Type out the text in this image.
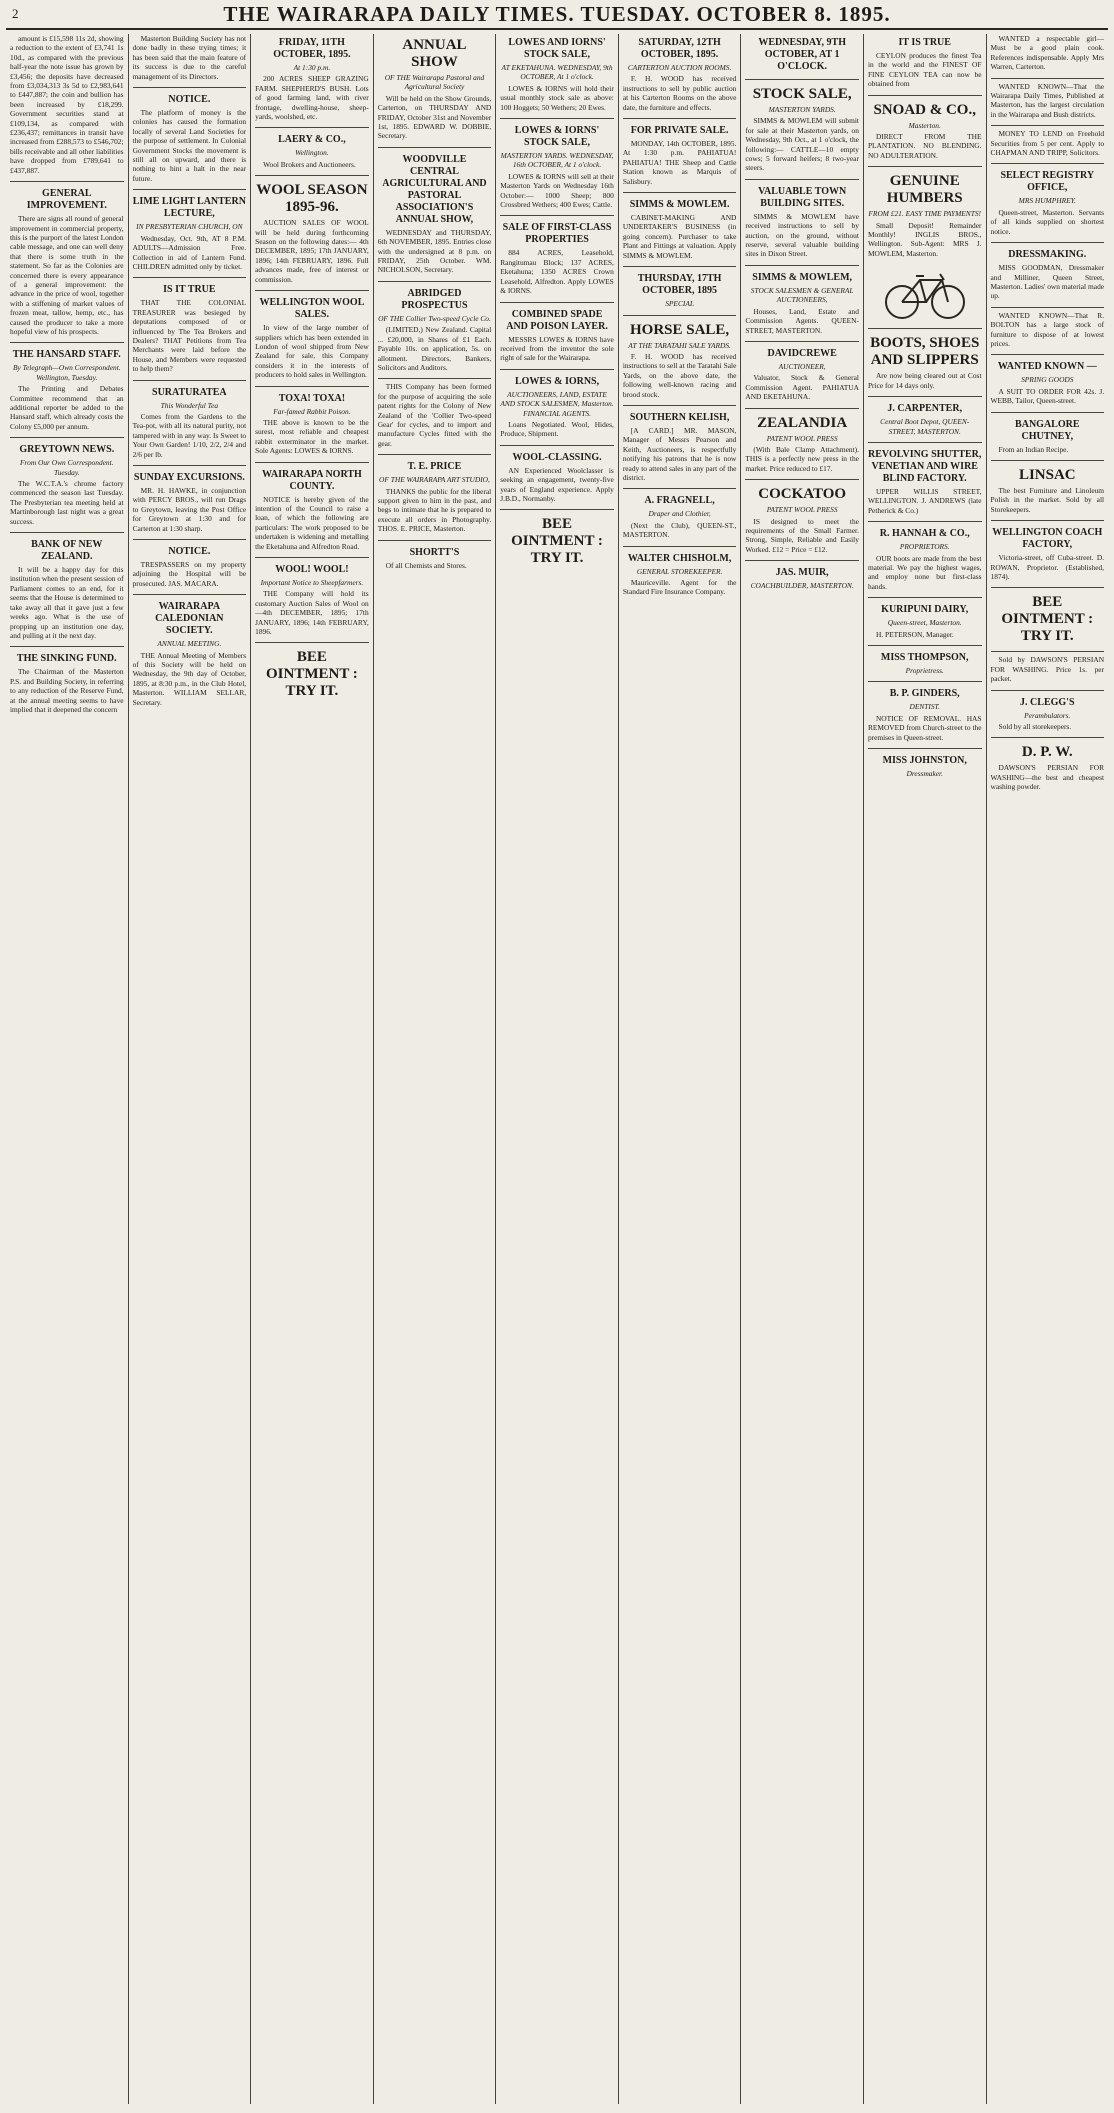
2	THE WAIRARAPA DAILY TIMES. TUESDAY. OCTOBER 8. 1895.

amount is £15,598 11s 2d, showing a reduction to the extent of £3,741 1s 10d., as compared with the previous half-year the note issue has grown by £3,456; the deposits have decreased from £3,034,313 3s 5d to £2,983,641 to £447,887; the coin and bullion has been increased by £18,299. Government securities stand at £109,134, as compared with £236,437; remittances in transit have increased from £288,573 to £546,702; bills receivable and all other liabilities have dropped from £789,641 to £437,887.

GENERAL IMPROVEMENT.

There are signs all round of general improvement in commercial property, this is the purport of the latest London cable message, and one can well deny that there is some truth in the statement. So far as the Colonies are concerned there is every appearance of a general improvement: the advance in the price of wool, together with a stiffening of market values of frozen meat, tallow, hemp, etc., has caused the producer to take a more hopeful view of his prospects.

THE HANSARD STAFF.
By Telegraph—Own Correspondent. Wellington, Tuesday.

The Printing and Debates Committee recommend that an additional reporter be added to the Hansard staff, which already costs the Colony £5,000 per annum.

GREYTOWN NEWS.
From Our Own Correspondent. Tuesday.

The W.C.T.A.'s chrome factory commenced the season last Tuesday. The Presbyterian tea meeting held at Martinborough last night was a great success.

BANK OF NEW ZEALAND.

It will be a happy day for this institution when the present session of Parliament comes to an end, for it seems that the House is determined to take away all that it gave just a few weeks ago. What is the use of propping up an institution one day, and pulling at it the next day.

THE SINKING FUND.

The Chairman of the Masterton P.S. and Building Society, in referring to any reduction of the Reserve Fund, at the annual meeting seems to have implied that it deepened the concern

Masterton Building Society has not done badly in these trying times; it has been said that the main feature of its success is due to the careful management of its Directors.

NOTICE.

The platform of money is the colonies has caused the formation locally of several Land Societies for the purpose of settlement. In Colonial Government Stocks the movement is still all on upward, and there is nothing to hint a halt in the near future.

LIME LIGHT LANTERN LECTURE,
IN PRESBYTERIAN CHURCH, ON

Wednesday, Oct. 9th, AT 8 P.M. ADULTS—Admission Free. Collection in aid of Lantern Fund. CHILDREN admitted only by ticket.

IS IT TRUE

THAT THE COLONIAL TREASURER was besieged by deputations composed of or influenced by The Tea Brokers and Dealers? THAT Petitions from Tea Merchants were laid before the House, and Members were requested to help them?

SURATURATEA
This Wonderful Tea

Comes from the Gardens to the Tea-pot, with all its natural purity, not tampered with in any way. Is Sweet to Your Own Garden! 1/10, 2/2, 2/4 and 2/6 per lb.

SUNDAY EXCURSIONS.

MR. H. HAWKE, in conjunction with PERCY BROS., will run Drags to Greytown, leaving the Post Office for Greytown at 1:30 and for Carterton at 1:30 sharp.

NOTICE.

TRESPASSERS on my property adjoining the Hospital will be prosecuted. JAS. MACARA.

WAIRARAPA CALEDONIAN SOCIETY.
ANNUAL MEETING.

THE Annual Meeting of Members of this Society will be held on Wednesday, the 9th day of October, 1895, at 8:30 p.m., in the Club Hotel, Masterton. WILLIAM SELLAR, Secretary.

FRIDAY, 11TH OCTOBER, 1895.
At 1:30 p.m.

200 ACRES SHEEP GRAZING FARM. SHEPHERD'S BUSH. Lots of good farming land, with river frontage, dwelling-house, sheep-yards, woolshed, etc.

LAERY & CO.,
Wellington.

Wool Brokers and Auctioneers.

WOOL SEASON 1895-96.

AUCTION SALES OF WOOL will be held during forthcoming Season on the following dates:— 4th DECEMBER, 1895; 17th JANUARY, 1896; 14th FEBRUARY, 1896. Full advances made, free of interest or commission.

WELLINGTON WOOL SALES.

In view of the large number of suppliers which has been extended in London of wool shipped from New Zealand for sale, this Company considers it in the interests of producers to hold sales in Wellington.

TOXA! TOXA!
Far-famed Rabbit Poison.

THE above is known to be the surest, most reliable and cheapest rabbit exterminator in the market. Sole Agents: LOWES & IORNS.

WAIRARAPA NORTH COUNTY.

NOTICE is hereby given of the intention of the Council to raise a loan, of which the following are particulars: The work proposed to be undertaken is widening and metalling the Eketahuna and Alfredton Road.

WOOL! WOOL!
Important Notice to Sheepfarmers.

THE Company will hold its customary Auction Sales of Wool on—4th DECEMBER, 1895; 17th JANUARY, 1896; 14th FEBRUARY, 1896.

BEE OINTMENT : TRY IT.
ANNUAL SHOW
OF THE Wairarapa Pastoral and Agricultural Society

Will be held on the Show Grounds, Carterton, on THURSDAY AND FRIDAY, October 31st and November 1st, 1895. EDWARD W. DOBBIE, Secretary.

WOODVILLE CENTRAL AGRICULTURAL AND PASTORAL ASSOCIATION'S ANNUAL SHOW,

WEDNESDAY and THURSDAY, 6th NOVEMBER, 1895. Entries close with the undersigned at 8 p.m. on FRIDAY, 25th October. WM. NICHOLSON, Secretary.

ABRIDGED PROSPECTUS
OF THE Collier Two-speed Cycle Co.

(LIMITED,) New Zealand. Capital ... £20,000, in Shares of £1 Each. Payable 10s. on application, 5s. on allotment. Directors, Bankers, Solicitors and Auditors.

THIS Company has been formed for the purpose of acquiring the sole patent rights for the Colony of New Zealand of the 'Collier Two-speed Gear' for cycles, and to import and manufacture Cycles fitted with the gear.

T. E. PRICE
OF THE WAIRARAPA ART STUDIO,

THANKS the public for the liberal support given to him in the past, and begs to intimate that he is prepared to execute all orders in Photography. THOS. E. PRICE, Masterton.

SHORTT'S

Of all Chemists and Stores.

LOWES AND IORNS' STOCK SALE,
AT EKETAHUNA. WEDNESDAY, 9th OCTOBER, At 1 o'clock.

LOWES & IORNS will hold their usual monthly stock sale as above: 100 Hoggets; 50 Wethers; 20 Ewes.

LOWES & IORNS' STOCK SALE,
MASTERTON YARDS. WEDNESDAY, 16th OCTOBER, At 1 o'clock.

LOWES & IORNS will sell at their Masterton Yards on Wednesday 16th October:— 1000 Sheep; 800 Crossbred Wethers; 400 Ewes; Cattle.

SALE OF FIRST-CLASS PROPERTIES

884 ACRES, Leasehold, Rangitumau Block; 137 ACRES, Eketahuna; 1350 ACRES Crown Leasehold, Alfredton. Apply LOWES & IORNS.

COMBINED SPADE AND POISON LAYER.

MESSRS LOWES & IORNS have received from the inventor the sole right of sale for the Wairarapa.

LOWES & IORNS,
AUCTIONEERS, LAND, ESTATE AND STOCK SALESMEN, Masterton. FINANCIAL AGENTS.

Loans Negotiated. Wool, Hides, Produce, Shipment.

WOOL-CLASSING.

AN Experienced Woolclasser is seeking an engagement, twenty-five years of England experience. Apply J.B.D., Normanby.

BEE OINTMENT : TRY IT.
SATURDAY, 12TH OCTOBER, 1895.
CARTERTON AUCTION ROOMS.

F. H. WOOD has received instructions to sell by public auction at his Carterton Rooms on the above date, the furniture and effects.

FOR PRIVATE SALE.

MONDAY, 14th OCTOBER, 1895. At 1:30 p.m. PAHIATUA! PAHIATUA! THE Sheep and Cattle Station known as Marquis of Salisbury.

SIMMS & MOWLEM.

CABINET-MAKING AND UNDERTAKER'S BUSINESS (in going concern). Purchaser to take Plant and Fittings at valuation. Apply SIMMS & MOWLEM.

THURSDAY, 17TH OCTOBER, 1895
SPECIAL
HORSE SALE,
AT THE TARATAHI SALE YARDS.

F. H. WOOD has received instructions to sell at the Taratahi Sale Yards, on the above date, the following well-known racing and brood stock.

SOUTHERN KELISH,

[A CARD.] MR. MASON, Manager of Messrs Pearson and Keith, Auctioneers, is respectfully notifying his patrons that he is now ready to attend sales in any part of the district.

A. FRAGNELL,
Draper and Clothier,

(Next the Club), QUEEN-ST., MASTERTON.

WALTER CHISHOLM,
GENERAL STOREKEEPER.

Mauriceville. Agent for the Standard Fire Insurance Company.

WEDNESDAY, 9TH OCTOBER, AT 1 O'CLOCK.
STOCK SALE,
MASTERTON YARDS.

SIMMS & MOWLEM will submit for sale at their Masterton yards, on Wednesday, 9th Oct., at 1 o'clock, the following:— CATTLE—10 empty cows; 5 forward heifers; 8 two-year steers.

VALUABLE TOWN BUILDING SITES.

SIMMS & MOWLEM have received instructions to sell by auction, on the ground, without reserve, several valuable building sites in Dixon Street.

SIMMS & MOWLEM,
STOCK SALESMEN & GENERAL AUCTIONEERS,

Houses, Land, Estate and Commission Agents. QUEEN-STREET, MASTERTON.

DAVIDCREWE
AUCTIONEER,

Valuator, Stock & General Commission Agent. PAHIATUA AND EKETAHUNA.

ZEALANDIA
PATENT WOOL PRESS

(With Bale Clamp Attachment). THIS is a perfectly new press in the market. Price reduced to £17.

COCKATOO
PATENT WOOL PRESS

IS designed to meet the requirements of the Small Farmer. Strong, Simple, Reliable and Easily Worked. £12 = Price = £12.

JAS. MUIR,
COACHBUILDER, MASTERTON.
IT IS TRUE

CEYLON produces the finest Tea in the world and the FINEST OF FINE CEYLON TEA can now be obtained from

SNOAD & CO.,
Masterton.

DIRECT FROM THE PLANTATION. NO BLENDING. NO ADULTERATION.

GENUINE HUMBERS
FROM £21. EASY TIME PAYMENTS!

Small Deposit! Remainder Monthly! INGLIS BROS., Wellington. Sub-Agent: MRS J. MOWLEM, Masterton.

BOOTS, SHOES AND SLIPPERS

Are now being cleared out at Cost Price for 14 days only.

J. CARPENTER,
Central Boot Depot, QUEEN-STREET, MASTERTON.
REVOLVING SHUTTER, VENETIAN AND WIRE BLIND FACTORY.

UPPER WILLIS STREET, WELLINGTON. J. ANDREWS (late Petherick & Co.)

R. HANNAH & CO.,
PROPRIETORS.

OUR boots are made from the best material. We pay the highest wages, and employ none but first-class hands.

KURIPUNI DAIRY,
Queen-street, Masterton.

H. PETERSON, Manager.

MISS THOMPSON,
Proprietress.
B. P. GINDERS,
DENTIST.

NOTICE OF REMOVAL. HAS REMOVED from Church-street to the premises in Queen-street.

MISS JOHNSTON,
Dressmaker.

WANTED a respectable girl—Must be a good plain cook. References indispensable. Apply Mrs Warren, Carterton.

WANTED KNOWN—That the Wairarapa Daily Times, Published at Masterton, has the largest circulation in the Wairarapa and Bush districts.

MONEY TO LEND on Freehold Securities from 5 per cent. Apply to CHAPMAN AND TRIPP, Solicitors.

SELECT REGISTRY OFFICE,
MRS HUMPHREY.

Queen-street, Masterton. Servants of all kinds supplied on shortest notice.

DRESSMAKING.

MISS GOODMAN, Dressmaker and Milliner, Queen Street, Masterton. Ladies' own material made up.

WANTED KNOWN—That R. BOLTON has a large stock of furniture to dispose of at lowest prices.

WANTED KNOWN —
SPRING GOODS

A SUIT TO ORDER FOR 42s. J. WEBB, Tailor, Queen-street.

BANGALORE CHUTNEY,

From an Indian Recipe.

LINSAC

The best Furniture and Linoleum Polish in the market. Sold by all Storekeepers.

WELLINGTON COACH FACTORY,

Victoria-street, off Cuba-street. D. ROWAN, Proprietor. (Established, 1874).

BEE OINTMENT : TRY IT.

Sold by DAWSON'S PERSIAN FOR WASHING. Price 1s. per packet.

J. CLEGG'S
Perambulators.

Sold by all storekeepers.

D. P. W.

DAWSON'S PERSIAN FOR WASHING—the best and cheapest washing powder.
